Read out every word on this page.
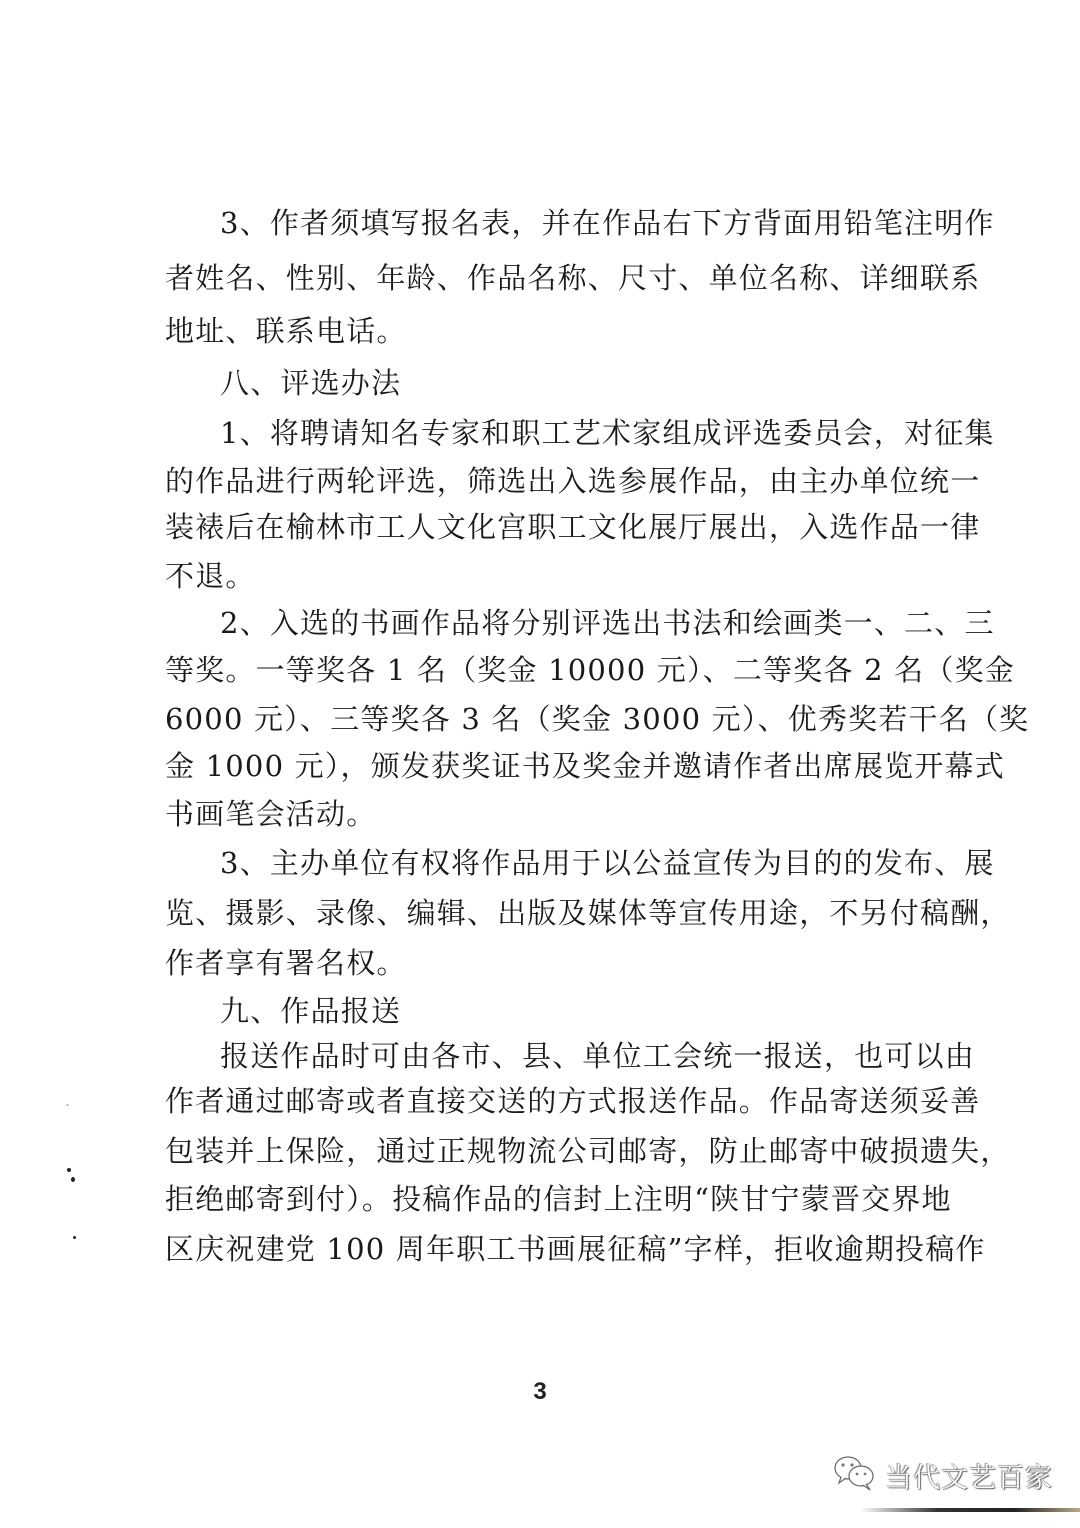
3、作者须填写报名表，并在作品右下方背面用铅笔注明作
者姓名、性别、年龄、作品名称、尺寸、单位名称、详细联系
地址、联系电话。
八、评选办法
1、将聘请知名专家和职工艺术家组成评选委员会，对征集
的作品进行两轮评选，筛选出入选参展作品，由主办单位统一
装裱后在榆林市工人文化宫职工文化展厅展出，入选作品一律
不退。
2、入选的书画作品将分别评选出书法和绘画类一、二、三
等奖。一等奖各 1 名（奖金 10000 元）、二等奖各 2 名（奖金
6000 元）、三等奖各 3 名（奖金 3000 元）、优秀奖若干名（奖
金 1000 元），颁发获奖证书及奖金并邀请作者出席展览开幕式
书画笔会活动。
3、主办单位有权将作品用于以公益宣传为目的的发布、展
览、摄影、录像、编辑、出版及媒体等宣传用途，不另付稿酬，
作者享有署名权。
九、作品报送
报送作品时可由各市、县、单位工会统一报送，也可以由
作者通过邮寄或者直接交送的方式报送作品。作品寄送须妥善
包装并上保险，通过正规物流公司邮寄，防止邮寄中破损遗失，
拒绝邮寄到付）。投稿作品的信封上注明“陕甘宁蒙晋交界地
区庆祝建党 100 周年职工书画展征稿”字样，拒收逾期投稿作
3
当代文艺百家
